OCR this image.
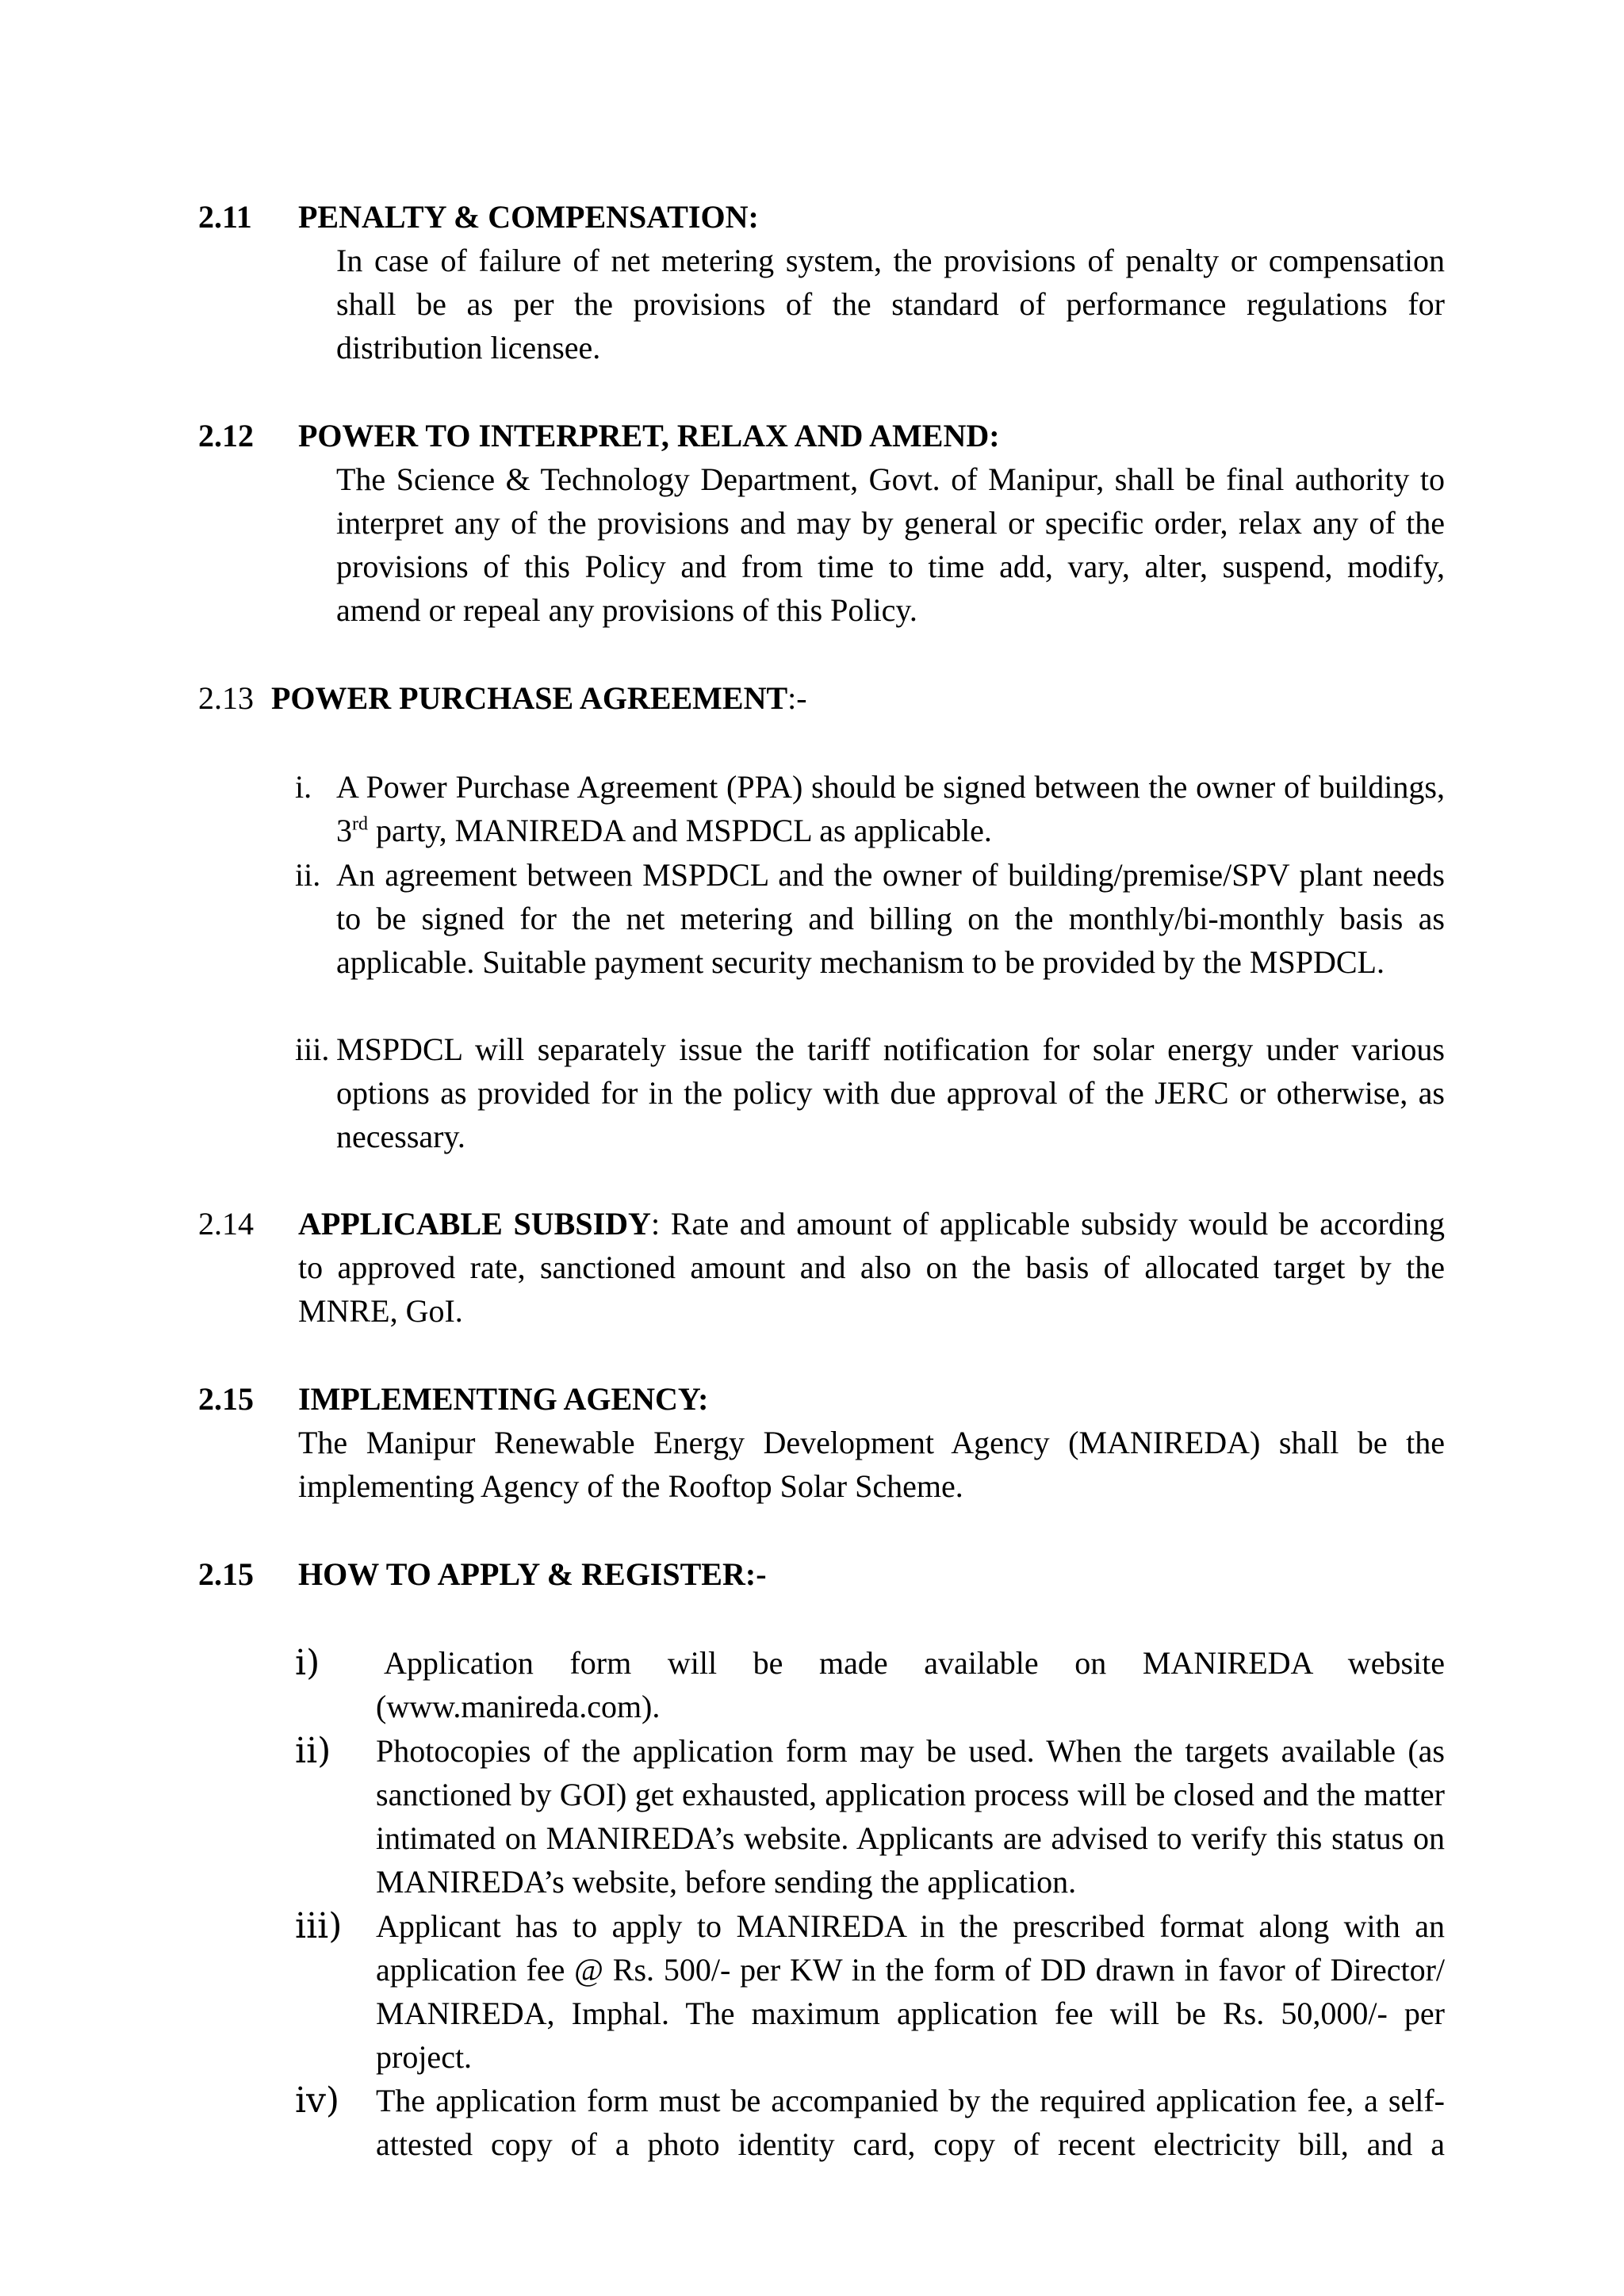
2.11 PENALTY & COMPENSATION:
In case of failure of net metering system, the provisions of penalty or compensation shall be as per the provisions of the standard of performance regulations for distribution licensee.
2.12 POWER TO INTERPRET, RELAX AND AMEND:
The Science & Technology Department, Govt. of Manipur, shall be final authority to interpret any of the provisions and may by general or specific order, relax any of the provisions of this Policy and from time to time add, vary, alter, suspend, modify, amend or repeal any provisions of this Policy.
2.13 POWER PURCHASE AGREEMENT:-
i. A Power Purchase Agreement (PPA) should be signed between the owner of buildings, 3rd party, MANIREDA and MSPDCL as applicable.
ii. An agreement between MSPDCL and the owner of building/premise/SPV plant needs to be signed for the net metering and billing on the monthly/bi-monthly basis as applicable. Suitable payment security mechanism to be provided by the MSPDCL.
iii. MSPDCL will separately issue the tariff notification for solar energy under various options as provided for in the policy with due approval of the JERC or otherwise, as necessary.
2.14 APPLICABLE SUBSIDY: Rate and amount of applicable subsidy would be according to approved rate, sanctioned amount and also on the basis of allocated target by the MNRE, GoI.
2.15 IMPLEMENTING AGENCY:
The Manipur Renewable Energy Development Agency (MANIREDA) shall be the implementing Agency of the Rooftop Solar Scheme.
2.15 HOW TO APPLY & REGISTER:-
i) Application form will be made available on MANIREDA website (www.manireda.com).
ii) Photocopies of the application form may be used. When the targets available (as sanctioned by GOI) get exhausted, application process will be closed and the matter intimated on MANIREDA’s website. Applicants are advised to verify this status on MANIREDA’s website, before sending the application.
iii) Applicant has to apply to MANIREDA in the prescribed format along with an application fee @ Rs. 500/- per KW in the form of DD drawn in favor of Director/ MANIREDA, Imphal. The maximum application fee will be Rs. 50,000/- per project.
iv) The application form must be accompanied by the required application fee, a self-attested copy of a photo identity card, copy of recent electricity bill, and a
